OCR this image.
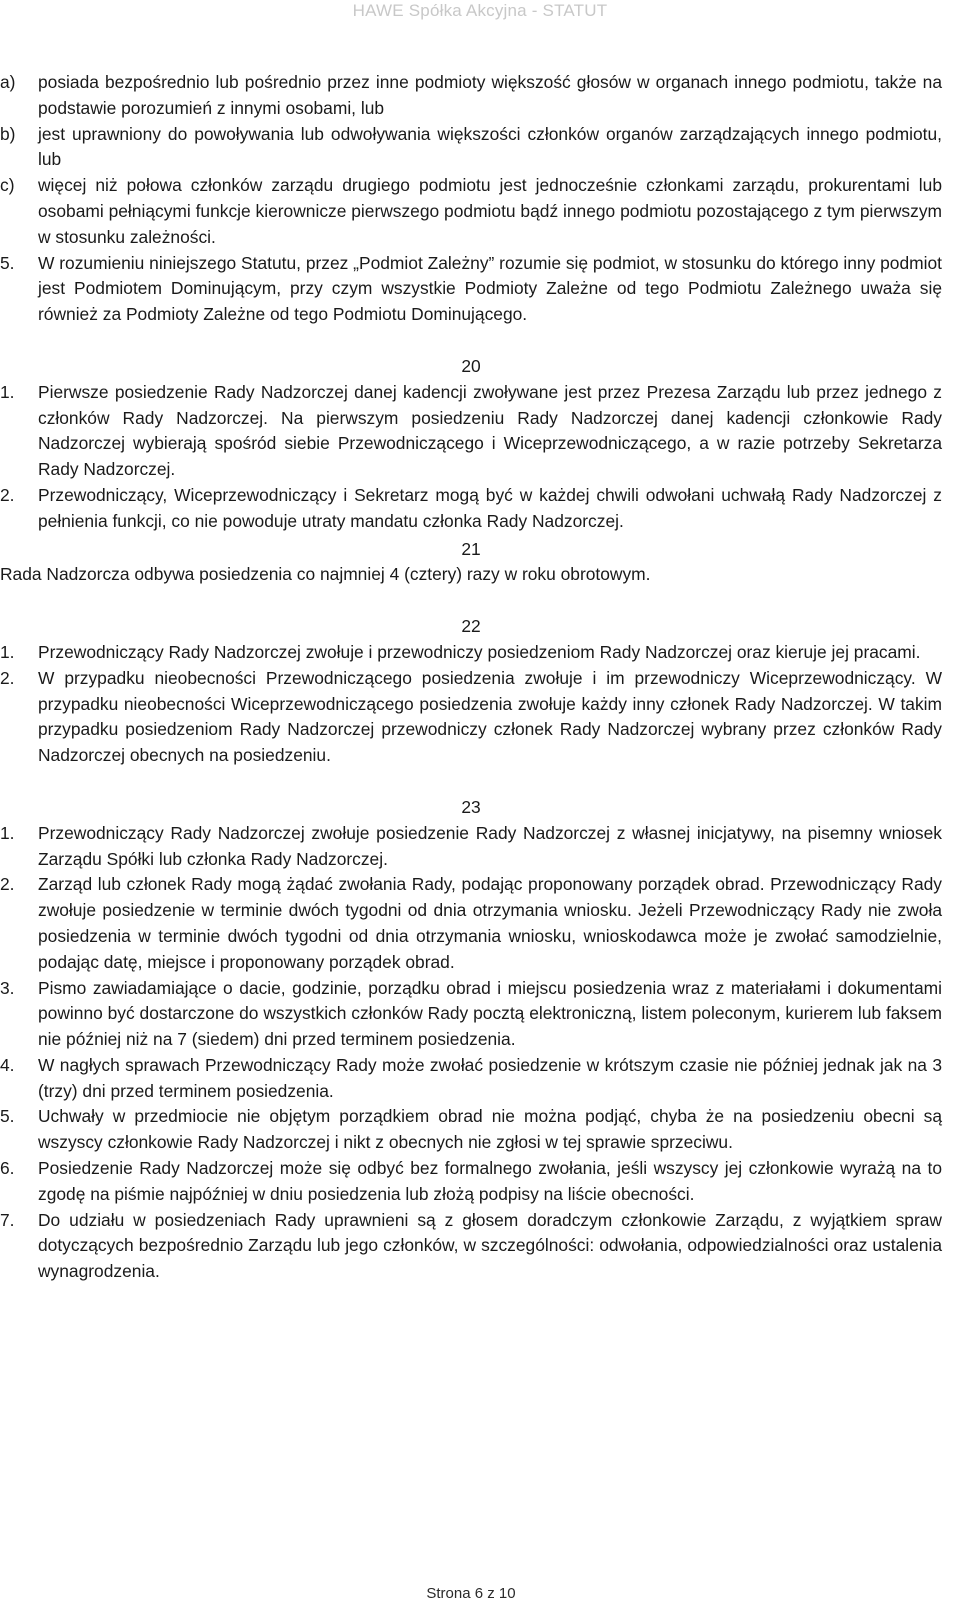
HAWE Spółka Akcyjna - STATUT
a)	posiada bezpośrednio lub pośrednio przez inne podmioty większość głosów w organach innego podmiotu, także na podstawie porozumień z innymi osobami, lub
b)	jest uprawniony do powoływania lub odwoływania większości członków organów zarządzających innego podmiotu, lub
c)	więcej niż połowa członków zarządu drugiego podmiotu jest jednocześnie członkami zarządu, prokurentami lub osobami pełniącymi funkcje kierownicze pierwszego podmiotu bądź innego podmiotu pozostającego z tym pierwszym w stosunku zależności.
5.	W rozumieniu niniejszego Statutu, przez „Podmiot Zależny” rozumie się podmiot, w stosunku do którego inny podmiot jest Podmiotem Dominującym, przy czym wszystkie Podmioty Zależne od tego Podmiotu Zależnego uważa się również za Podmioty Zależne od tego Podmiotu Dominującego.
20
1.	Pierwsze posiedzenie Rady Nadzorczej danej kadencji zwoływane jest przez Prezesa Zarządu lub przez jednego z członków Rady Nadzorczej. Na pierwszym posiedzeniu Rady Nadzorczej danej kadencji członkowie Rady Nadzorczej wybierają spośród siebie Przewodniczącego i Wiceprzewodniczącego, a w razie potrzeby Sekretarza Rady Nadzorczej.
2.	Przewodniczący, Wiceprzewodniczący i Sekretarz mogą być w każdej chwili odwołani uchwałą Rady Nadzorczej z pełnienia funkcji, co nie powoduje utraty mandatu członka Rady Nadzorczej.
21
Rada Nadzorcza odbywa posiedzenia co najmniej 4 (cztery) razy w roku obrotowym.
22
1.	Przewodniczący Rady Nadzorczej zwołuje i przewodniczy posiedzeniom Rady Nadzorczej oraz kieruje jej pracami.
2.	W przypadku nieobecności Przewodniczącego posiedzenia zwołuje i im przewodniczy Wiceprzewodniczący. W przypadku nieobecności Wiceprzewodniczącego posiedzenia zwołuje każdy inny członek Rady Nadzorczej. W takim przypadku posiedzeniom Rady Nadzorczej przewodniczy członek Rady Nadzorczej wybrany przez członków Rady Nadzorczej obecnych na posiedzeniu.
23
1.	Przewodniczący Rady Nadzorczej zwołuje posiedzenie Rady Nadzorczej z własnej inicjatywy, na pisemny wniosek Zarządu Spółki lub członka Rady Nadzorczej.
2.	Zarząd lub członek Rady mogą żądać zwołania Rady, podając proponowany porządek obrad. Przewodniczący Rady zwołuje posiedzenie w terminie dwóch tygodni od dnia otrzymania wniosku. Jeżeli Przewodniczący Rady nie zwoła posiedzenia w terminie dwóch tygodni od dnia otrzymania wniosku, wnioskodawca może je zwołać samodzielnie, podając datę, miejsce i proponowany porządek obrad.
3.	Pismo zawiadamiające o dacie, godzinie, porządku obrad i miejscu posiedzenia wraz z materiałami i dokumentami powinno być dostarczone do wszystkich członków Rady pocztą elektroniczną, listem poleconym, kurierem lub faksem nie później niż na 7 (siedem) dni przed terminem posiedzenia.
4.	W nagłych sprawach Przewodniczący Rady może zwołać posiedzenie w krótszym czasie nie później jednak jak na 3 (trzy) dni przed terminem posiedzenia.
5.	Uchwały w przedmiocie nie objętym porządkiem obrad nie można podjąć, chyba że na posiedzeniu obecni są wszyscy członkowie Rady Nadzorczej i nikt z obecnych nie zgłosi w tej sprawie sprzeciwu.
6.	Posiedzenie Rady Nadzorczej może się odbyć bez formalnego zwołania, jeśli wszyscy jej członkowie wyrażą na to zgodę na piśmie najpóźniej w dniu posiedzenia lub złożą podpisy na liście obecności.
7.	Do udziału w posiedzeniach Rady uprawnieni są z głosem doradczym członkowie Zarządu, z wyjątkiem spraw dotyczących bezpośrednio Zarządu lub jego członków, w szczególności: odwołania, odpowiedzialności oraz ustalenia wynagrodzenia.
Strona 6 z 10
